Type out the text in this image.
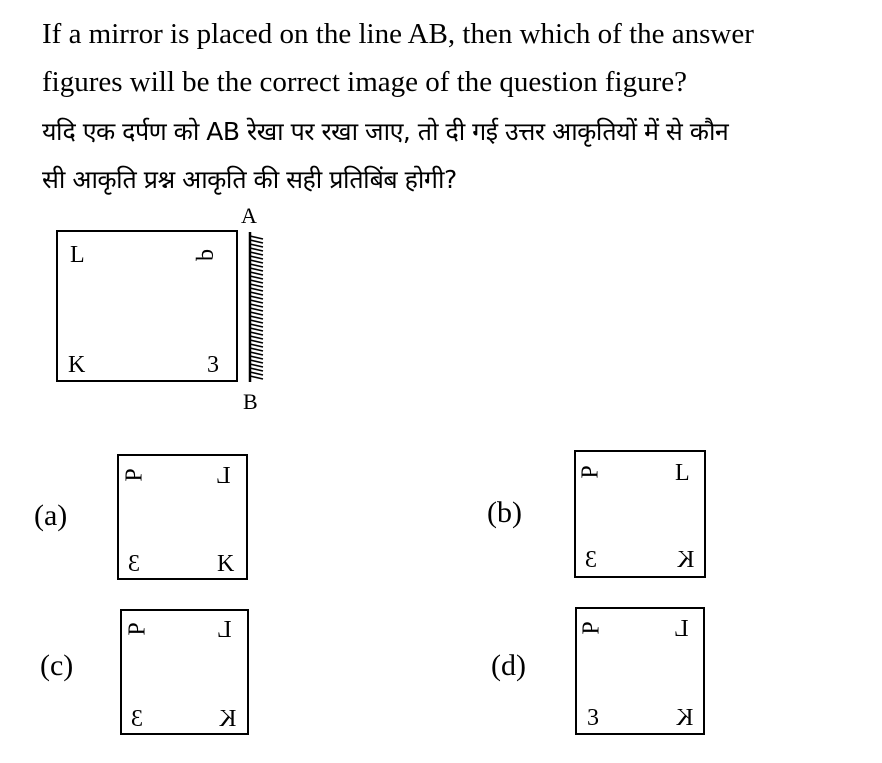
If a mirror is placed on the line AB, then which of the answer
figures will be the correct image of the question figure?
यदि एक दर्पण को AB रेखा पर रखा जाए, तो दी गई उत्तर आकृतियों में से कौन
सी आकृति प्रश्न आकृति की सही प्रतिबिंब होगी?
L	b
K	3
A
B
(a)
P	L
3	K
(b)
P	L
3	K
(c)
P	L
3	K
(d)
P	L
3	K
